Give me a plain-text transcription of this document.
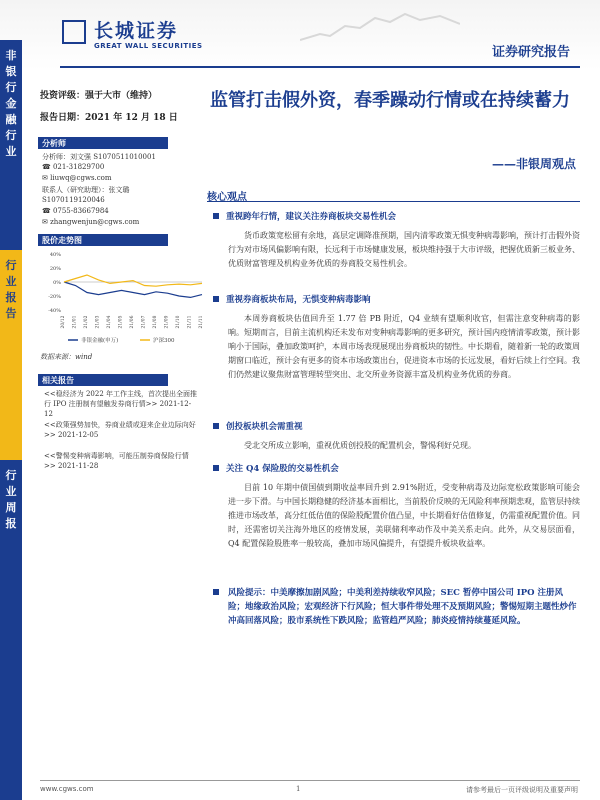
长城证券
GREAT WALL SECURITIES	证券研究报告
非
银
行
金
融
行
业
行
业
报
告
行
业
周
报
投资评级：强于大市（维持）
报告日期：2021 年 12 月 18 日
分析师
分析师：刘文强 S1070511010001
☎ 021-31829700
✉ liuwq@cgws.com
联系人（研究助理）：张文璐
S1070119120046
☎ 0755-83667984
✉ zhangwenjun@cgws.com
股价走势图
40%
20%
0%
-20%
-40%
20/12 21/01 21/02 21/03 21/04 21/05 21/06 21/07 21/08 21/09 21/10 21/11 21/11
非银金融(申万)	沪深300
数据来源：wind
相关报告
<<稳经济为 2022 年工作主线，首次提出全面推行 IPO 注册制有望触发券商行情>> 2021-12-12
<<政策强势加快，券商业绩或迎来企业边际向好>> 2021-12-05
<<警惕变种病毒影响，可能压制券商保险行情>> 2021-11-28
监管打击假外资，春季躁动行情或在持续蓄力
——非银周观点
核心观点
重视跨年行情，建议关注券商板块交易性机会
货币政策宽松留有余地，高层定调降准预期，国内清零政策无惧变种病毒影响，预计打击假外资行为对市场风偏影响有限，长远利于市场健康发展，板块维持强于大市评级，把握优质新三板业务、优质财富管理及机构业务优质的券商股交易性机会。
重视券商板块布局，无惧变种病毒影响
本周券商板块估值回升至 1.77 倍 PB 附近，Q4 业绩有望顺利收官，但需注意变种病毒的影响。短期而言，目前主流机构还未发布对变种病毒影响的更多研究，预计国内疫情清零政策，预计影响小于国际，叠加政策呵护，本周市场表现展现出券商板块的韧性。中长期看，随着新一轮的政策周期窗口临近，预计会有更多的资本市场政策出台，促进资本市场的长远发展，看好后续上行空间。我们仍然建议聚焦财富管理转型突出、北交所业务资源丰富及机构业务优质的券商。
创投板块机会需重视
受北交所成立影响，重视优质创投股的配置机会，警惕利好兑现。
关注 Q4 保险股的交易性机会
目前 10 年期中债国债到期收益率回升到 2.91%附近，受变种病毒及边际宽松政策影响可能会进一步下滑。与中国长期稳健的经济基本面相比，当前股价反映的无风险利率预期悲观，监管层持续推进市场改革，高分红低估值的保险股配置价值凸显，中长期看好估值修复，仍需重视配置价值。同时，还需密切关注海外地区的疫情发展，美联储利率动作及中美关系走向。此外，从交易层面看，Q4 配置保险股胜率一般较高，叠加市场风偏提升，有望提升板块收益率。
风险提示：中美摩擦加剧风险；中美利差持续收窄风险；SEC 暂停中国公司 IPO 注册风险；地缘政治风险；宏观经济下行风险；恒大事件带处理不及预期风险；警惕短期主题性炒作冲高回落风险；股市系统性下跌风险；监管趋严风险；肺炎疫情持续蔓延风险。
www.cgws.com	1	请参考最后一页评级说明及重要声明
